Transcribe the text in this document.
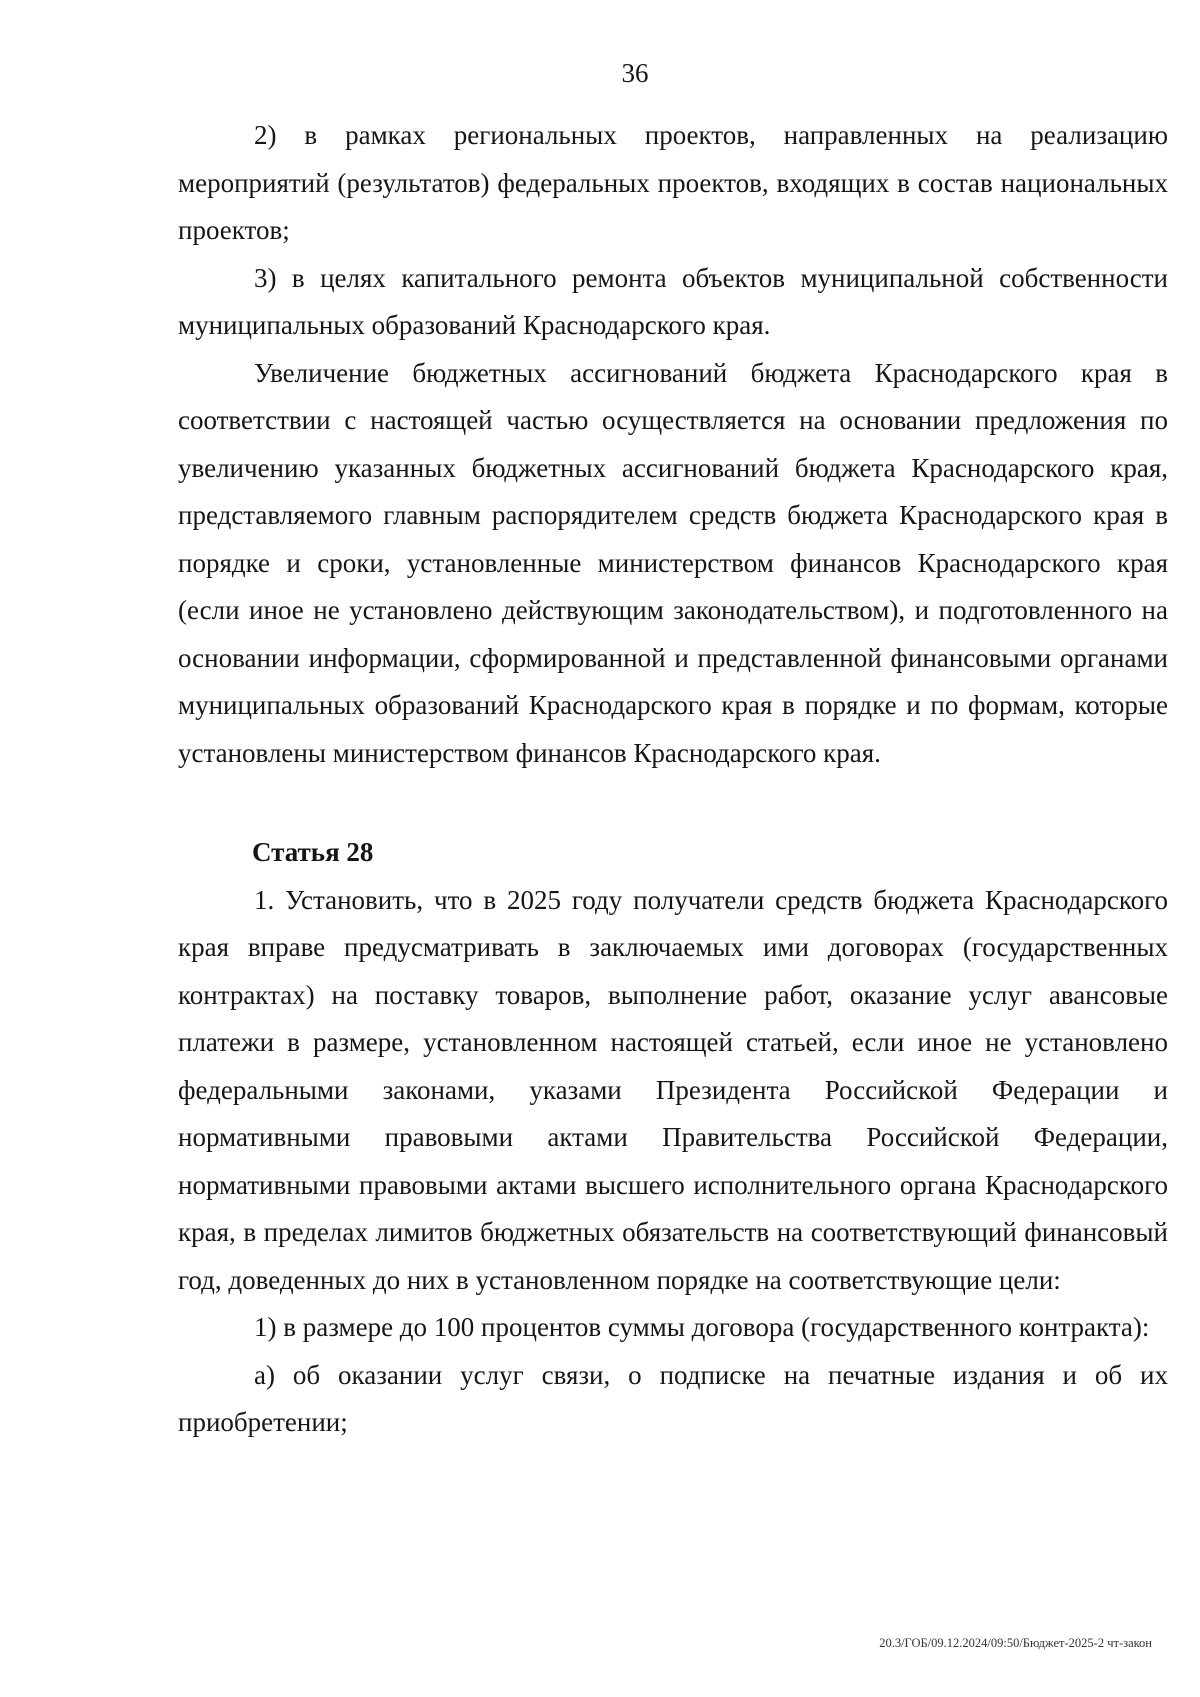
36

2) в рамках региональных проектов, направленных на реализацию мероприятий (результатов) федеральных проектов, входящих в состав национальных проектов;

3) в целях капитального ремонта объектов муниципальной собственности муниципальных образований Краснодарского края.

Увеличение бюджетных ассигнований бюджета Краснодарского края в соответствии с настоящей частью осуществляется на основании предложения по увеличению указанных бюджетных ассигнований бюджета Краснодарского края, представляемого главным распорядителем средств бюджета Краснодарского края в порядке и сроки, установленные министерством финансов Краснодарского края (если иное не установлено действующим законодательством), и подготовленного на основании информации, сформированной и представленной финансовыми органами муниципальных образований Краснодарского края в порядке и по формам, которые установлены министерством финансов Краснодарского края.

Статья 28

1. Установить, что в 2025 году получатели средств бюджета Краснодарского края вправе предусматривать в заключаемых ими договорах (государственных контрактах) на поставку товаров, выполнение работ, оказание услуг авансовые платежи в размере, установленном настоящей статьей, если иное не установлено федеральными законами, указами Президента Российской Федерации и нормативными правовыми актами Правительства Российской Федерации, нормативными правовыми актами высшего исполнительного органа Краснодарского края, в пределах лимитов бюджетных обязательств на соответствующий финансовый год, доведенных до них в установленном порядке на соответствующие цели:

1) в размере до 100 процентов суммы договора (государственного контракта):

а) об оказании услуг связи, о подписке на печатные издания и об их приобретении;

20.3/ГОБ/09.12.2024/09:50/Бюджет-2025-2 чт-закон
